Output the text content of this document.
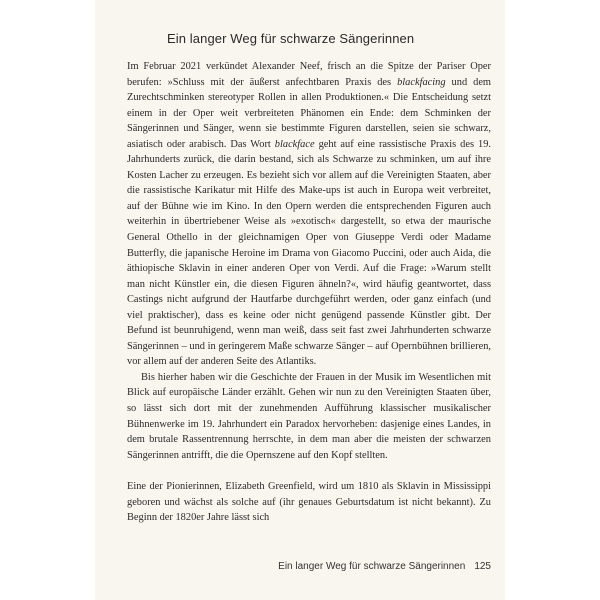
Ein langer Weg für schwarze Sängerinnen

Im Februar 2021 verkündet Alexander Neef, frisch an die Spitze der Pariser Oper berufen: »Schluss mit der äußerst anfechtbaren Praxis des blackfacing und dem Zurechtschminken stereotyper Rollen in allen Produktionen.« Die Entscheidung setzt einem in der Oper weit verbreiteten Phänomen ein Ende: dem Schminken der Sängerinnen und Sänger, wenn sie bestimmte Figuren darstellen, seien sie schwarz, asiatisch oder arabisch. Das Wort blackface geht auf eine rassistische Praxis des 19. Jahrhunderts zurück, die darin bestand, sich als Schwarze zu schminken, um auf ihre Kosten Lacher zu erzeugen. Es bezieht sich vor allem auf die Vereinigten Staaten, aber die rassistische Karikatur mit Hilfe des Make-ups ist auch in Europa weit verbreitet, auf der Bühne wie im Kino. In den Opern werden die entsprechenden Figuren auch weiterhin in übertriebener Weise als »exotisch« dargestellt, so etwa der maurische General Othello in der gleichnamigen Oper von Giuseppe Verdi oder Madame Butterfly, die japanische Heroine im Drama von Giacomo Puccini, oder auch Aida, die äthiopische Sklavin in einer anderen Oper von Verdi. Auf die Frage: »Warum stellt man nicht Künstler ein, die diesen Figuren ähneln?«, wird häufig geantwortet, dass Castings nicht aufgrund der Hautfarbe durchgeführt werden, oder ganz einfach (und viel praktischer), dass es keine oder nicht genügend passende Künstler gibt. Der Befund ist beunruhigend, wenn man weiß, dass seit fast zwei Jahrhunderten schwarze Sängerinnen – und in geringerem Maße schwarze Sänger – auf Opernbühnen brillieren, vor allem auf der anderen Seite des Atlantiks.

Bis hierher haben wir die Geschichte der Frauen in der Musik im Wesentlichen mit Blick auf europäische Länder erzählt. Gehen wir nun zu den Vereinigten Staaten über, so lässt sich dort mit der zunehmenden Aufführung klassischer musikalischer Bühnenwerke im 19. Jahrhundert ein Paradox hervorheben: dasjenige eines Landes, in dem brutale Rassentrennung herrschte, in dem man aber die meisten der schwarzen Sängerinnen antrifft, die die Opernszene auf den Kopf stellten.

Eine der Pionierinnen, Elizabeth Greenfield, wird um 1810 als Sklavin in Mississippi geboren und wächst als solche auf (ihr genaues Geburtsdatum ist nicht bekannt). Zu Beginn der 1820er Jahre lässt sich

Ein langer Weg für schwarze Sängerinnen 125
